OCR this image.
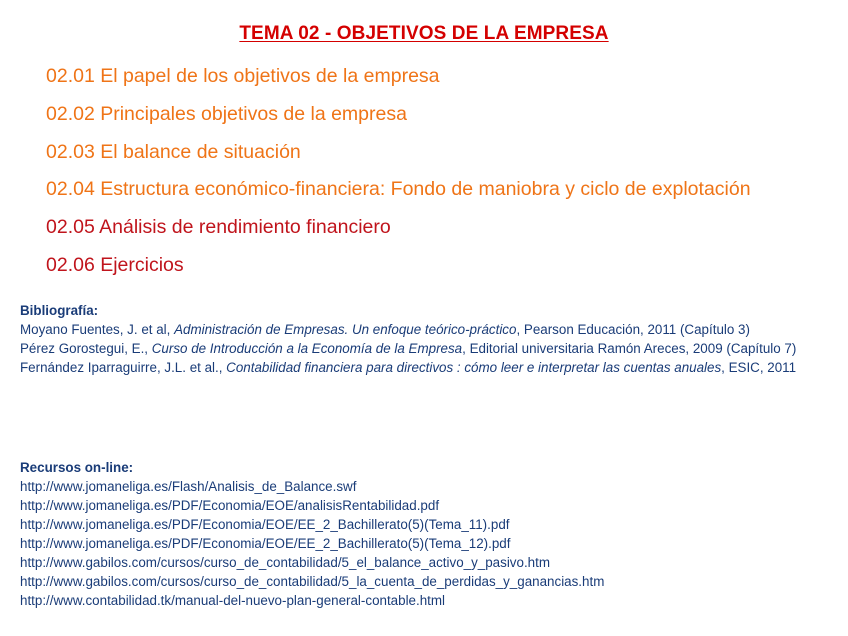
TEMA 02 - OBJETIVOS DE LA EMPRESA
02.01 El papel de los objetivos de la empresa
02.02 Principales objetivos de la empresa
02.03 El balance de situación
02.04 Estructura económico-financiera: Fondo de maniobra y ciclo de explotación
02.05 Análisis de rendimiento financiero
02.06 Ejercicios
Bibliografía:
Moyano Fuentes, J. et al, Administración de Empresas. Un enfoque teórico-práctico, Pearson Educación, 2011 (Capítulo 3)
Pérez Gorostegui, E., Curso de Introducción a la Economía de la Empresa, Editorial universitaria Ramón Areces, 2009 (Capítulo 7)
Fernández Iparraguirre, J.L. et al., Contabilidad financiera para directivos : cómo leer e interpretar las cuentas anuales, ESIC, 2011
Recursos on-line:
http://www.jomaneliga.es/Flash/Analisis_de_Balance.swf
http://www.jomaneliga.es/PDF/Economia/EOE/analisisRentabilidad.pdf
http://www.jomaneliga.es/PDF/Economia/EOE/EE_2_Bachillerato(5)(Tema_11).pdf
http://www.jomaneliga.es/PDF/Economia/EOE/EE_2_Bachillerato(5)(Tema_12).pdf
http://www.gabilos.com/cursos/curso_de_contabilidad/5_el_balance_activo_y_pasivo.htm
http://www.gabilos.com/cursos/curso_de_contabilidad/5_la_cuenta_de_perdidas_y_ganancias.htm
http://www.contabilidad.tk/manual-del-nuevo-plan-general-contable.html
